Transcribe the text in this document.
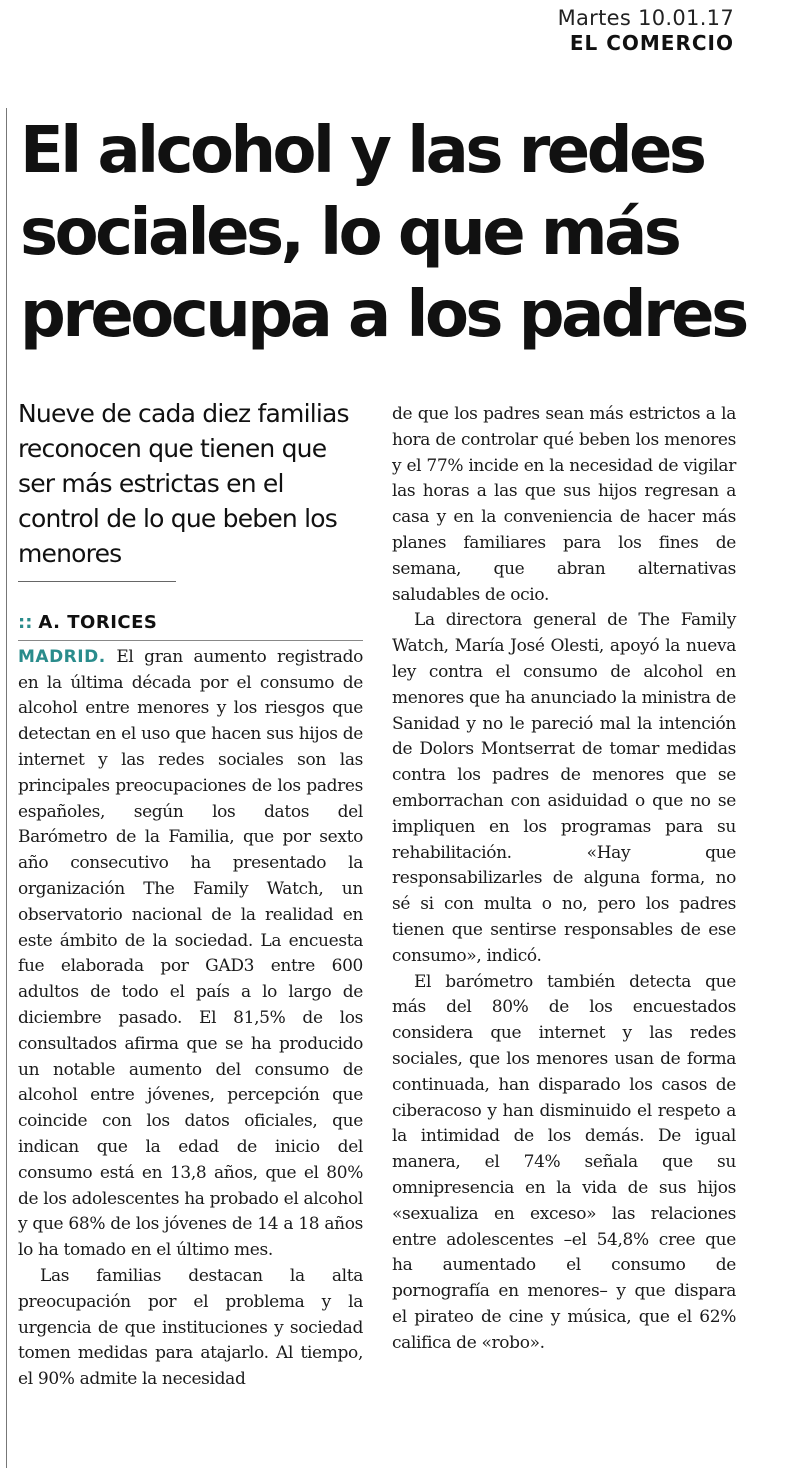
Martes 10.01.17
EL COMERCIO
El alcohol y las redes sociales, lo que más preocupa a los padres
Nueve de cada diez familias reconocen que tienen que ser más estrictas en el control de lo que beben los menores
:: A. TORICES

MADRID. El gran aumento registrado en la última década por el consumo de alcohol entre menores y los riesgos que detectan en el uso que hacen sus hijos de internet y las redes sociales son las principales preocupaciones de los padres españoles, según los datos del Barómetro de la Familia, que por sexto año consecutivo ha presentado la organización The Family Watch, un observatorio nacional de la realidad en este ámbito de la sociedad. La encuesta fue elaborada por GAD3 entre 600 adultos de todo el país a lo largo de diciembre pasado. El 81,5% de los consultados afirma que se ha producido un notable aumento del consumo de alcohol entre jóvenes, percepción que coincide con los datos oficiales, que indican que la edad de inicio del consumo está en 13,8 años, que el 80% de los adolescentes ha probado el alcohol y que 68% de los jóvenes de 14 a 18 años lo ha tomado en el último mes.

Las familias destacan la alta preocupación por el problema y la urgencia de que instituciones y sociedad tomen medidas para atajarlo. Al tiempo, el 90% admite la necesidad

de que los padres sean más estrictos a la hora de controlar qué beben los menores y el 77% incide en la necesidad de vigilar las horas a las que sus hijos regresan a casa y en la conveniencia de hacer más planes familiares para los fines de semana, que abran alternativas saludables de ocio.

La directora general de The Family Watch, María José Olesti, apoyó la nueva ley contra el consumo de alcohol en menores que ha anunciado la ministra de Sanidad y no le pareció mal la intención de Dolors Montserrat de tomar medidas contra los padres de menores que se emborrachan con asiduidad o que no se impliquen en los programas para su rehabilitación. «Hay que responsabilizarles de alguna forma, no sé si con multa o no, pero los padres tienen que sentirse responsables de ese consumo», indicó.

El barómetro también detecta que más del 80% de los encuestados considera que internet y las redes sociales, que los menores usan de forma continuada, han disparado los casos de ciberacoso y han disminuido el respeto a la intimidad de los demás. De igual manera, el 74% señala que su omnipresencia en la vida de sus hijos «sexualiza en exceso» las relaciones entre adolescentes –el 54,8% cree que ha aumentado el consumo de pornografía en menores– y que dispara el pirateo de cine y música, que el 62% califica de «robo».
